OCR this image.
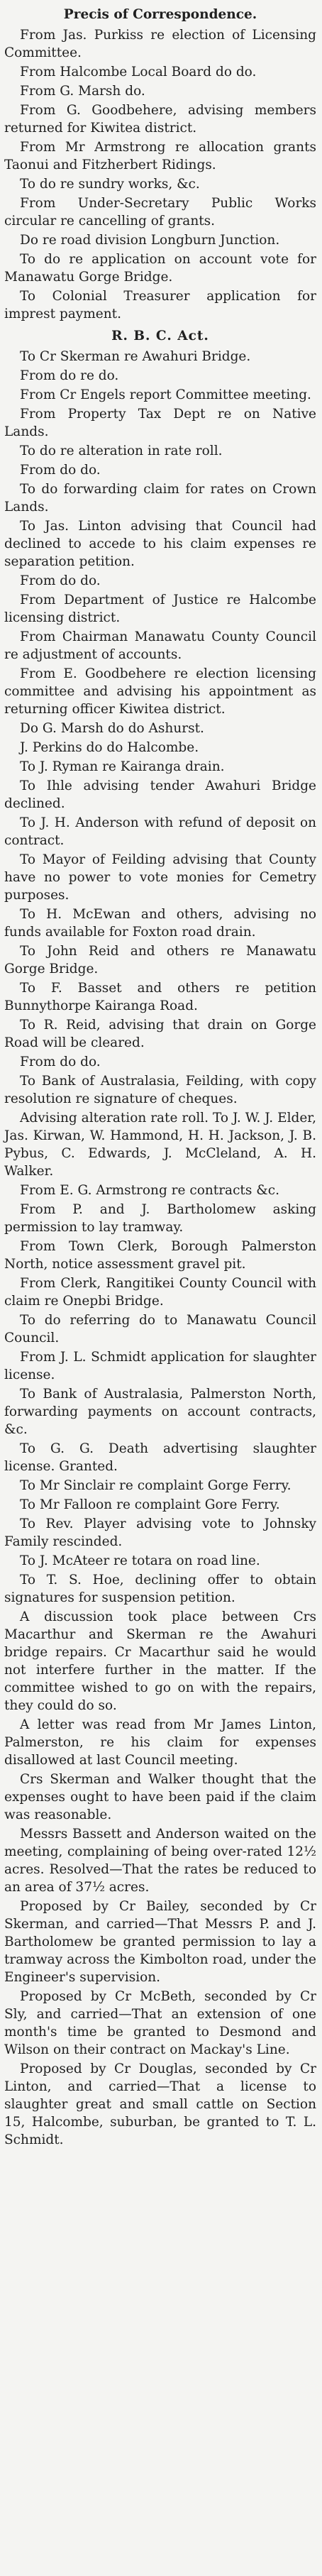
Precis of Correspondence.

From Jas. Purkiss re election of Licensing Committee.

From Halcombe Local Board do do.

From G. Marsh do.

From G. Goodbehere, advising members returned for Kiwitea district.

From Mr Armstrong re allocation grants Taonui and Fitzherbert Ridings.

To do re sundry works, &c.

From Under-Secretary Public Works circular re cancelling of grants.

Do re road division Longburn Junction.

To do re application on account vote for Manawatu Gorge Bridge.

To Colonial Treasurer application for imprest payment.

R. B. C. Act.

To Cr Skerman re Awahuri Bridge.

From do re do.

From Cr Engels report Committee meeting.

From Property Tax Dept re on Native Lands.

To do re alteration in rate roll.

From do do.

To do forwarding claim for rates on Crown Lands.

To Jas. Linton advising that Council had declined to accede to his claim expenses re separation petition.

From do do.

From Department of Justice re Halcombe licensing district.

From Chairman Manawatu County Council re adjustment of accounts.

From E. Goodbehere re election licensing committee and advising his appointment as returning officer Kiwitea district.

Do G. Marsh do do Ashurst.

J. Perkins do do Halcombe.

To J. Ryman re Kairanga drain.

To Ihle advising tender Awahuri Bridge declined.

To J. H. Anderson with refund of deposit on contract.

To Mayor of Feilding advising that County have no power to vote monies for Cemetry purposes.

To H. McEwan and others, advising no funds available for Foxton road drain.

To John Reid and others re Manawatu Gorge Bridge.

To F. Basset and others re petition Bunnythorpe Kairanga Road.

To R. Reid, advising that drain on Gorge Road will be cleared.

From do do.

To Bank of Australasia, Feilding, with copy resolution re signature of cheques.

Advising alteration rate roll. To J. W. J. Elder, Jas. Kirwan, W. Hammond, H. H. Jackson, J. B. Pybus, C. Edwards, J. McCleland, A. H. Walker.

From E. G. Armstrong re contracts &c.

From P. and J. Bartholomew asking permission to lay tramway.

From Town Clerk, Borough Palmerston North, notice assessment gravel pit.

From Clerk, Rangitikei County Council with claim re Onepbi Bridge.

To do referring do to Manawatu Council Council.

From J. L. Schmidt application for slaughter license.

To Bank of Australasia, Palmerston North, forwarding payments on account contracts, &c.

To G. G. Death advertising slaughter license. Granted.

To Mr Sinclair re complaint Gorge Ferry.

To Mr Falloon re complaint Gore Ferry.

To Rev. Player advising vote to Johnsky Family rescinded.

To J. McAteer re totara on road line.

To T. S. Hoe, declining offer to obtain signatures for suspension petition.

A discussion took place between Crs Macarthur and Skerman re the Awahuri bridge repairs. Cr Macarthur said he would not interfere further in the matter. If the committee wished to go on with the repairs, they could do so.

A letter was read from Mr James Linton, Palmerston, re his claim for expenses disallowed at last Council meeting.

Crs Skerman and Walker thought that the expenses ought to have been paid if the claim was reasonable.

Messrs Bassett and Anderson waited on the meeting, complaining of being over-rated 12½ acres. Resolved—That the rates be reduced to an area of 37½ acres.

Proposed by Cr Bailey, seconded by Cr Skerman, and carried—That Messrs P. and J. Bartholomew be granted permission to lay a tramway across the Kimbolton road, under the Engineer's supervision.

Proposed by Cr McBeth, seconded by Cr Sly, and carried—That an extension of one month's time be granted to Desmond and Wilson on their contract on Mackay's Line.

Proposed by Cr Douglas, seconded by Cr Linton, and carried—That a license to slaughter great and small cattle on Section 15, Halcombe, suburban, be granted to T. L. Schmidt.
